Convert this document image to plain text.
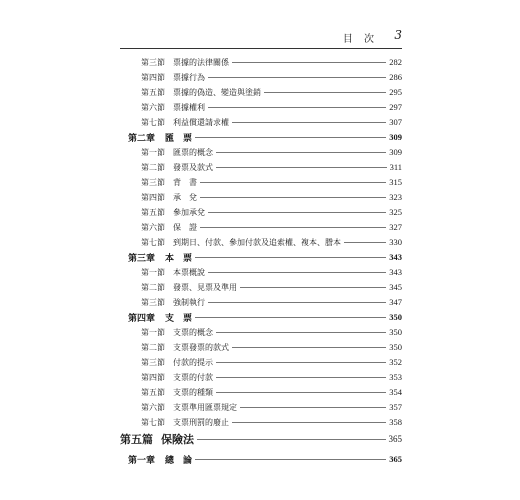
目 次 3
第三節 票據的法律關係	282
第四節 票據行為	286
第五節 票據的偽造、變造與塗銷	295
第六節 票據權利	297
第七節 利益償還請求權	307
第二章 匯　票	309
第一節 匯票的概念	309
第二節 發票及款式	311
第三節 背　書	315
第四節 承　兌	323
第五節 參加承兌	325
第六節 保　證	327
第七節 到期日、付款、參加付款及追索權、複本、謄本	330
第三章 本　票	343
第一節 本票概說	343
第二節 發票、見票及準用	345
第三節 強制執行	347
第四章 支　票	350
第一節 支票的概念	350
第二節 支票發票的款式	350
第三節 付款的提示	352
第四節 支票的付款	353
第五節 支票的種類	354
第六節 支票準用匯票規定	357
第七節 支票刑罰的廢止	358
第五篇 保險法	365
第一章 總　論	365
